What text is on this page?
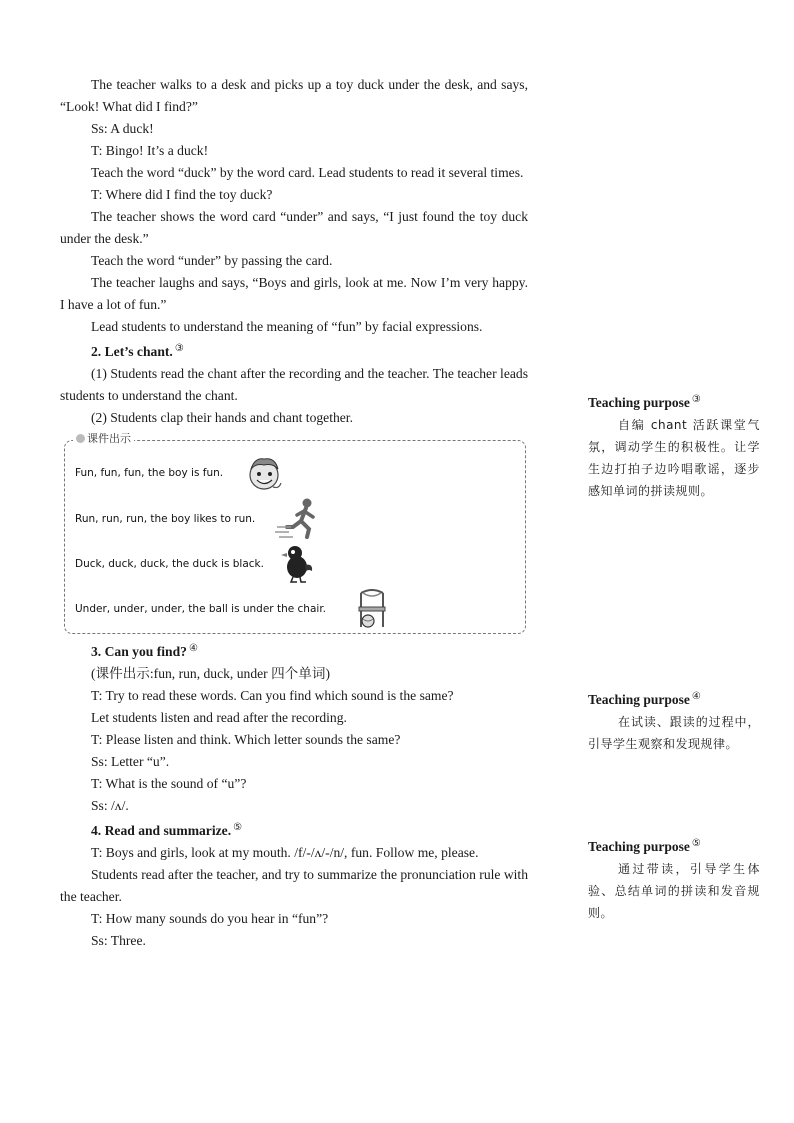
The teacher walks to a desk and picks up a toy duck under the desk, and says, “Look! What did I find?”

Ss: A duck!

T: Bingo! It’s a duck!

Teach the word “duck” by the word card. Lead students to read it several times.

T: Where did I find the toy duck?

The teacher shows the word card “under” and says, “I just found the toy duck under the desk.”

Teach the word “under” by passing the card.

The teacher laughs and says, “Boys and girls, look at me. Now I’m very happy. I have a lot of fun.”

Lead students to understand the meaning of “fun” by facial expressions.

2. Let’s chant. ③

(1) Students read the chant after the recording and the teacher. The teacher leads students to understand the chant.

(2) Students clap their hands and chant together.

课件出示
Fun, fun, fun, the boy is fun.
Run, run, run, the boy likes to run.
Duck, duck, duck, the duck is black.
Under, under, under, the ball is under the chair.

3. Can you find? ④

(课件出示:fun, run, duck, under 四个单词)

T: Try to read these words. Can you find which sound is the same?

Let students listen and read after the recording.

T: Please listen and think. Which letter sounds the same?

Ss: Letter “u”.

T: What is the sound of “u”?

Ss: /ʌ/.

4. Read and summarize. ⑤

T: Boys and girls, look at my mouth. /f/-/ʌ/-/n/, fun. Follow me, please.

Students read after the teacher, and try to summarize the pronunciation rule with the teacher.

T: How many sounds do you hear in “fun”?

Ss: Three.

Teaching purpose ③

自编 chant 活跃课堂气氛，调动学生的积极性。让学生边打拍子边吟唱歌谣，逐步感知单词的拼读规则。

Teaching purpose ④

在试读、跟读的过程中，引导学生观察和发现规律。

Teaching purpose ⑤

通过带读，引导学生体验、总结单词的拼读和发音规则。
